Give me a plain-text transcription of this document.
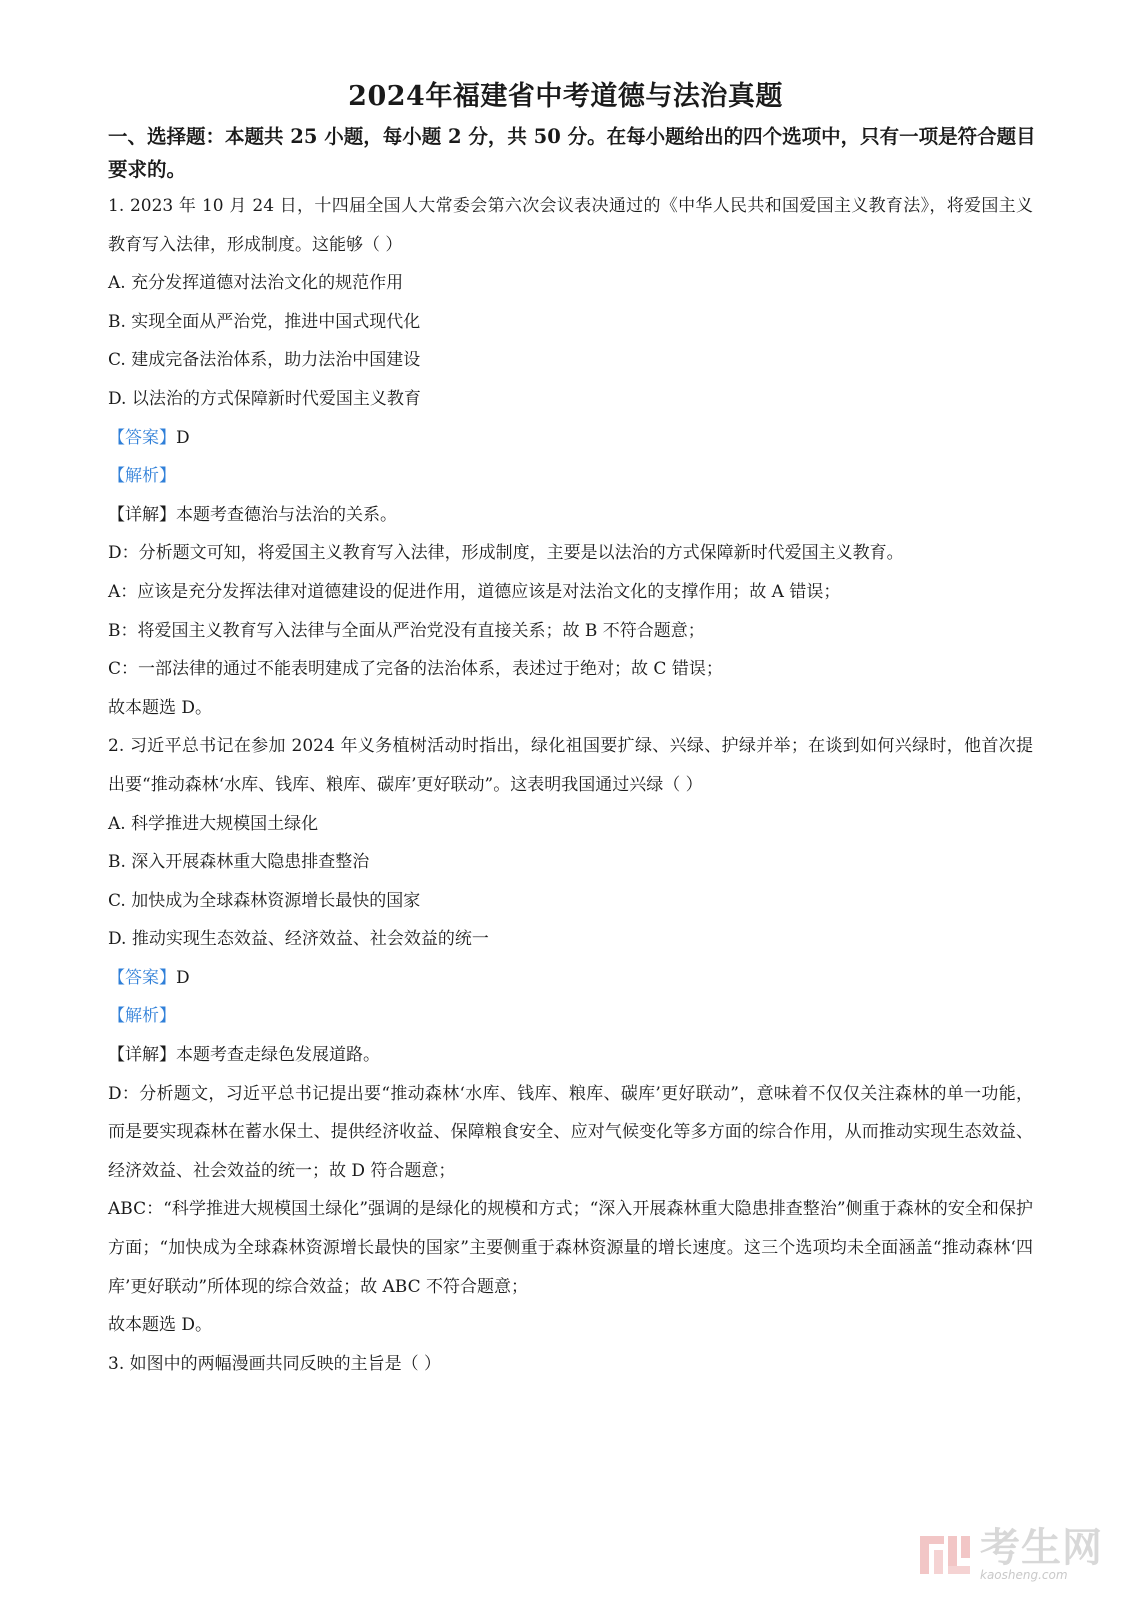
2024年福建省中考道德与法治真题
一、选择题：本题共 25 小题，每小题 2 分，共 50 分。在每小题给出的四个选项中，只有一项是符合题目要求的。

1. 2023 年 10 月 24 日，十四届全国人大常委会第六次会议表决通过的《中华人民共和国爱国主义教育法》，将爱国主义教育写入法律，形成制度。这能够（ ）

A. 充分发挥道德对法治文化的规范作用

B. 实现全面从严治党，推进中国式现代化

C. 建成完备法治体系，助力法治中国建设

D. 以法治的方式保障新时代爱国主义教育

【答案】D

【解析】

【详解】本题考查德治与法治的关系。

D：分析题文可知，将爱国主义教育写入法律，形成制度，主要是以法治的方式保障新时代爱国主义教育。

A：应该是充分发挥法律对道德建设的促进作用，道德应该是对法治文化的支撑作用；故 A 错误；

B：将爱国主义教育写入法律与全面从严治党没有直接关系；故 B 不符合题意；

C：一部法律的通过不能表明建成了完备的法治体系，表述过于绝对；故 C 错误；

故本题选 D。

2. 习近平总书记在参加 2024 年义务植树活动时指出，绿化祖国要扩绿、兴绿、护绿并举；在谈到如何兴绿时，他首次提出要“推动森林‘水库、钱库、粮库、碳库’更好联动”。这表明我国通过兴绿（ ）

A. 科学推进大规模国土绿化

B. 深入开展森林重大隐患排查整治

C. 加快成为全球森林资源增长最快的国家

D. 推动实现生态效益、经济效益、社会效益的统一

【答案】D

【解析】

【详解】本题考查走绿色发展道路。

D：分析题文，习近平总书记提出要“推动森林‘水库、钱库、粮库、碳库’更好联动”，意味着不仅仅关注森林的单一功能，而是要实现森林在蓄水保土、提供经济收益、保障粮食安全、应对气候变化等多方面的综合作用，从而推动实现生态效益、经济效益、社会效益的统一；故 D 符合题意；

ABC：“科学推进大规模国土绿化”强调的是绿化的规模和方式；“深入开展森林重大隐患排查整治”侧重于森林的安全和保护方面；“加快成为全球森林资源增长最快的国家”主要侧重于森林资源量的增长速度。这三个选项均未全面涵盖“推动森林‘四库’更好联动”所体现的综合效益；故 ABC 不符合题意；

故本题选 D。

3. 如图中的两幅漫画共同反映的主旨是（ ）

考生网
kaosheng.com
